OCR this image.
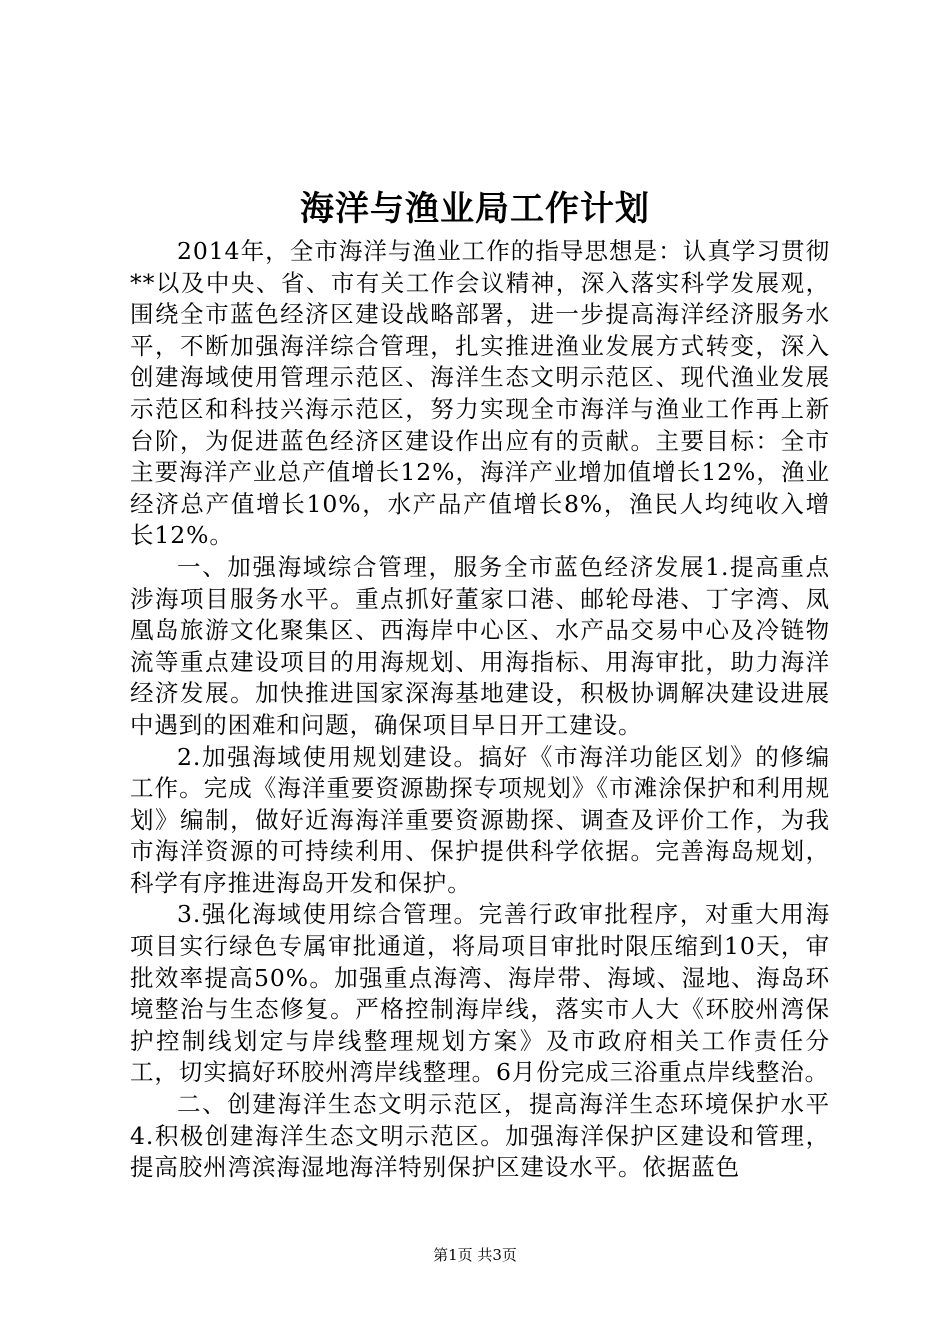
海洋与渔业局工作计划

2014年，全市海洋与渔业工作的指导思想是：认真学习贯彻**以及中央、省、市有关工作会议精神，深入落实科学发展观，围绕全市蓝色经济区建设战略部署，进一步提高海洋经济服务水平，不断加强海洋综合管理，扎实推进渔业发展方式转变，深入创建海域使用管理示范区、海洋生态文明示范区、现代渔业发展示范区和科技兴海示范区，努力实现全市海洋与渔业工作再上新台阶，为促进蓝色经济区建设作出应有的贡献。主要目标：全市主要海洋产业总产值增长12%，海洋产业增加值增长12%，渔业经济总产值增长10%，水产品产值增长8%，渔民人均纯收入增长12%。

一、加强海域综合管理，服务全市蓝色经济发展1.提高重点涉海项目服务水平。重点抓好董家口港、邮轮母港、丁字湾、凤凰岛旅游文化聚集区、西海岸中心区、水产品交易中心及冷链物流等重点建设项目的用海规划、用海指标、用海审批，助力海洋经济发展。加快推进国家深海基地建设，积极协调解决建设进展中遇到的困难和问题，确保项目早日开工建设。

2.加强海域使用规划建设。搞好《市海洋功能区划》的修编工作。完成《海洋重要资源勘探专项规划》《市滩涂保护和利用规划》编制，做好近海海洋重要资源勘探、调查及评价工作，为我市海洋资源的可持续利用、保护提供科学依据。完善海岛规划，科学有序推进海岛开发和保护。

3.强化海域使用综合管理。完善行政审批程序，对重大用海项目实行绿色专属审批通道，将局项目审批时限压缩到10天，审批效率提高50%。加强重点海湾、海岸带、海域、湿地、海岛环境整治与生态修复。严格控制海岸线，落实市人大《环胶州湾保护控制线划定与岸线整理规划方案》及市政府相关工作责任分工，切实搞好环胶州湾岸线整理。6月份完成三浴重点岸线整治。

二、创建海洋生态文明示范区，提高海洋生态环境保护水平4.积极创建海洋生态文明示范区。加强海洋保护区建设和管理，提高胶州湾滨海湿地海洋特别保护区建设水平。依据蓝色

第1页 共3页
